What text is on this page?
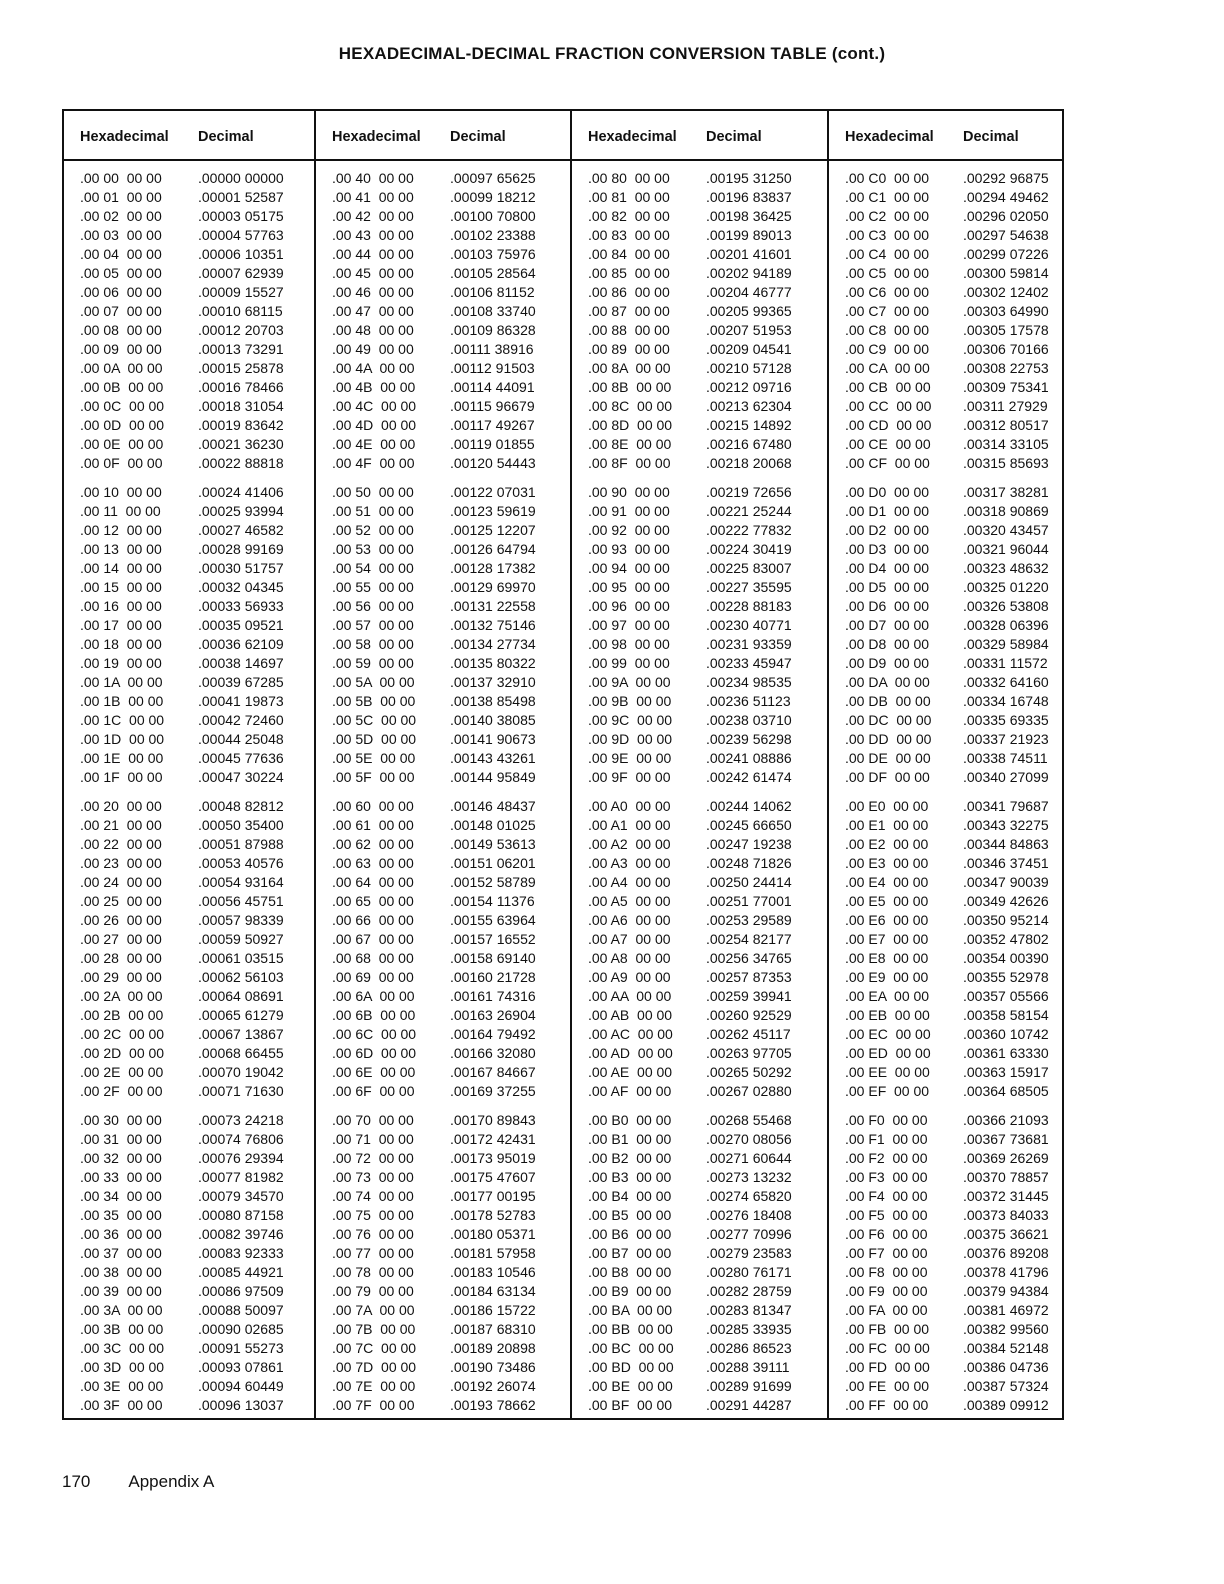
HEXADECIMAL-DECIMAL FRACTION CONVERSION TABLE (cont.)
Hexadecimal Decimal
.00 00  00 00	.00000 00000
.00 01  00 00	.00001 52587
.00 02  00 00	.00003 05175
.00 03  00 00	.00004 57763
.00 04  00 00	.00006 10351
.00 05  00 00	.00007 62939
.00 06  00 00	.00009 15527
.00 07  00 00	.00010 68115
.00 08  00 00	.00012 20703
.00 09  00 00	.00013 73291
.00 0A  00 00	.00015 25878
.00 0B  00 00 .00016 78466
.00 0C  00 00 .00018 31054
.00 0D  00 00 .00019 83642
.00 0E  00 00 .00021 36230
.00 0F  00 00	.00022 88818
.00 10  00 00	.00024 41406
.00 11  00 00	.00025 93994
.00 12  00 00	.00027 46582
.00 13  00 00	.00028 99169
.00 14  00 00	.00030 51757
.00 15  00 00	.00032 04345
.00 16  00 00	.00033 56933
.00 17  00 00	.00035 09521
.00 18  00 00	.00036 62109
.00 19  00 00	.00038 14697
.00 1A  00 00	.00039 67285
.00 1B  00 00 .00041 19873
.00 1C  00 00 .00042 72460
.00 1D  00 00 .00044 25048
.00 1E  00 00 .00045 77636
.00 1F  00 00	.00047 30224
.00 20  00 00	.00048 82812
.00 21  00 00	.00050 35400
.00 22  00 00	.00051 87988
.00 23  00 00	.00053 40576
.00 24  00 00	.00054 93164
.00 25  00 00	.00056 45751
.00 26  00 00	.00057 98339
.00 27  00 00	.00059 50927
.00 28  00 00	.00061 03515
.00 29  00 00	.00062 56103
.00 2A  00 00	.00064 08691
.00 2B  00 00 .00065 61279
.00 2C  00 00 .00067 13867
.00 2D  00 00 .00068 66455
.00 2E  00 00 .00070 19042
.00 2F  00 00	.00071 71630
.00 30  00 00	.00073 24218
.00 31  00 00	.00074 76806
.00 32  00 00	.00076 29394
.00 33  00 00	.00077 81982
.00 34  00 00	.00079 34570
.00 35  00 00	.00080 87158
.00 36  00 00	.00082 39746
.00 37  00 00	.00083 92333
.00 38  00 00	.00085 44921
.00 39  00 00	.00086 97509
.00 3A  00 00	.00088 50097
.00 3B  00 00 .00090 02685
.00 3C  00 00 .00091 55273
.00 3D  00 00 .00093 07861
.00 3E  00 00 .00094 60449
.00 3F  00 00	.00096 13037
Hexadecimal Decimal
.00 40  00 00	.00097 65625
.00 41  00 00	.00099 18212
.00 42  00 00	.00100 70800
.00 43  00 00	.00102 23388
.00 44  00 00	.00103 75976
.00 45  00 00	.00105 28564
.00 46  00 00	.00106 81152
.00 47  00 00	.00108 33740
.00 48  00 00	.00109 86328
.00 49  00 00	.00111 38916
.00 4A  00 00	.00112 91503
.00 4B  00 00 .00114 44091
.00 4C  00 00 .00115 96679
.00 4D  00 00 .00117 49267
.00 4E  00 00 .00119 01855
.00 4F  00 00	.00120 54443
.00 50  00 00	.00122 07031
.00 51  00 00	.00123 59619
.00 52  00 00	.00125 12207
.00 53  00 00	.00126 64794
.00 54  00 00	.00128 17382
.00 55  00 00	.00129 69970
.00 56  00 00	.00131 22558
.00 57  00 00	.00132 75146
.00 58  00 00	.00134 27734
.00 59  00 00	.00135 80322
.00 5A  00 00	.00137 32910
.00 5B  00 00 .00138 85498
.00 5C  00 00 .00140 38085
.00 5D  00 00 .00141 90673
.00 5E  00 00 .00143 43261
.00 5F  00 00	.00144 95849
.00 60  00 00	.00146 48437
.00 61  00 00	.00148 01025
.00 62  00 00	.00149 53613
.00 63  00 00	.00151 06201
.00 64  00 00	.00152 58789
.00 65  00 00	.00154 11376
.00 66  00 00	.00155 63964
.00 67  00 00	.00157 16552
.00 68  00 00	.00158 69140
.00 69  00 00	.00160 21728
.00 6A  00 00	.00161 74316
.00 6B  00 00 .00163 26904
.00 6C  00 00 .00164 79492
.00 6D  00 00 .00166 32080
.00 6E  00 00 .00167 84667
.00 6F  00 00	.00169 37255
.00 70  00 00	.00170 89843
.00 71  00 00	.00172 42431
.00 72  00 00	.00173 95019
.00 73  00 00	.00175 47607
.00 74  00 00	.00177 00195
.00 75  00 00	.00178 52783
.00 76  00 00	.00180 05371
.00 77  00 00	.00181 57958
.00 78  00 00	.00183 10546
.00 79  00 00	.00184 63134
.00 7A  00 00	.00186 15722
.00 7B  00 00 .00187 68310
.00 7C  00 00 .00189 20898
.00 7D  00 00 .00190 73486
.00 7E  00 00 .00192 26074
.00 7F  00 00	.00193 78662
Hexadecimal Decimal
.00 80  00 00	.00195 31250
.00 81  00 00	.00196 83837
.00 82  00 00	.00198 36425
.00 83  00 00	.00199 89013
.00 84  00 00	.00201 41601
.00 85  00 00	.00202 94189
.00 86  00 00	.00204 46777
.00 87  00 00	.00205 99365
.00 88  00 00	.00207 51953
.00 89  00 00	.00209 04541
.00 8A  00 00	.00210 57128
.00 8B  00 00 .00212 09716
.00 8C  00 00 .00213 62304
.00 8D  00 00 .00215 14892
.00 8E  00 00 .00216 67480
.00 8F  00 00	.00218 20068
.00 90  00 00	.00219 72656
.00 91  00 00	.00221 25244
.00 92  00 00	.00222 77832
.00 93  00 00	.00224 30419
.00 94  00 00	.00225 83007
.00 95  00 00	.00227 35595
.00 96  00 00	.00228 88183
.00 97  00 00	.00230 40771
.00 98  00 00	.00231 93359
.00 99  00 00	.00233 45947
.00 9A  00 00	.00234 98535
.00 9B  00 00 .00236 51123
.00 9C  00 00 .00238 03710
.00 9D  00 00 .00239 56298
.00 9E  00 00 .00241 08886
.00 9F  00 00	.00242 61474
.00 A0  00 00	.00244 14062
.00 A1  00 00	.00245 66650
.00 A2  00 00	.00247 19238
.00 A3  00 00	.00248 71826
.00 A4  00 00	.00250 24414
.00 A5  00 00	.00251 77001
.00 A6  00 00	.00253 29589
.00 A7  00 00	.00254 82177
.00 A8  00 00	.00256 34765
.00 A9  00 00	.00257 87353
.00 AA  00 00 .00259 39941
.00 AB  00 00 .00260 92529
.00 AC  00 00 .00262 45117
.00 AD  00 00 .00263 97705
.00 AE  00 00 .00265 50292
.00 AF  00 00 .00267 02880
.00 B0  00 00 .00268 55468
.00 B1  00 00 .00270 08056
.00 B2  00 00 .00271 60644
.00 B3  00 00 .00273 13232
.00 B4  00 00 .00274 65820
.00 B5  00 00 .00276 18408
.00 B6  00 00 .00277 70996
.00 B7  00 00 .00279 23583
.00 B8  00 00 .00280 76171
.00 B9  00 00 .00282 28759
.00 BA  00 00 .00283 81347
.00 BB  00 00 .00285 33935
.00 BC  00 00 .00286 86523
.00 BD  00 00 .00288 39111
.00 BE  00 00 .00289 91699
.00 BF  00 00 .00291 44287
Hexadecimal Decimal
.00 C0  00 00 .00292 96875
.00 C1  00 00 .00294 49462
.00 C2  00 00 .00296 02050
.00 C3  00 00 .00297 54638
.00 C4  00 00 .00299 07226
.00 C5  00 00 .00300 59814
.00 C6  00 00 .00302 12402
.00 C7  00 00 .00303 64990
.00 C8  00 00 .00305 17578
.00 C9  00 00 .00306 70166
.00 CA  00 00 .00308 22753
.00 CB  00 00 .00309 75341
.00 CC  00 00 .00311 27929
.00 CD  00 00 .00312 80517
.00 CE  00 00 .00314 33105
.00 CF  00 00 .00315 85693
.00 D0  00 00 .00317 38281
.00 D1  00 00 .00318 90869
.00 D2  00 00 .00320 43457
.00 D3  00 00 .00321 96044
.00 D4  00 00 .00323 48632
.00 D5  00 00 .00325 01220
.00 D6  00 00 .00326 53808
.00 D7  00 00 .00328 06396
.00 D8  00 00 .00329 58984
.00 D9  00 00 .00331 11572
.00 DA  00 00 .00332 64160
.00 DB  00 00 .00334 16748
.00 DC  00 00 .00335 69335
.00 DD  00 00 .00337 21923
.00 DE  00 00 .00338 74511
.00 DF  00 00 .00340 27099
.00 E0  00 00 .00341 79687
.00 E1  00 00 .00343 32275
.00 E2  00 00 .00344 84863
.00 E3  00 00 .00346 37451
.00 E4  00 00 .00347 90039
.00 E5  00 00 .00349 42626
.00 E6  00 00 .00350 95214
.00 E7  00 00 .00352 47802
.00 E8  00 00 .00354 00390
.00 E9  00 00 .00355 52978
.00 EA  00 00 .00357 05566
.00 EB  00 00 .00358 58154
.00 EC  00 00 .00360 10742
.00 ED  00 00 .00361 63330
.00 EE  00 00 .00363 15917
.00 EF  00 00 .00364 68505
.00 F0  00 00	.00366 21093
.00 F1  00 00	.00367 73681
.00 F2  00 00	.00369 26269
.00 F3  00 00	.00370 78857
.00 F4  00 00	.00372 31445
.00 F5  00 00	.00373 84033
.00 F6  00 00	.00375 36621
.00 F7  00 00	.00376 89208
.00 F8  00 00	.00378 41796
.00 F9  00 00	.00379 94384
.00 FA  00 00	.00381 46972
.00 FB  00 00 .00382 99560
.00 FC  00 00 .00384 52148
.00 FD  00 00 .00386 04736
.00 FE  00 00 .00387 57324
.00 FF  00 00 .00389 09912
170 Appendix A
